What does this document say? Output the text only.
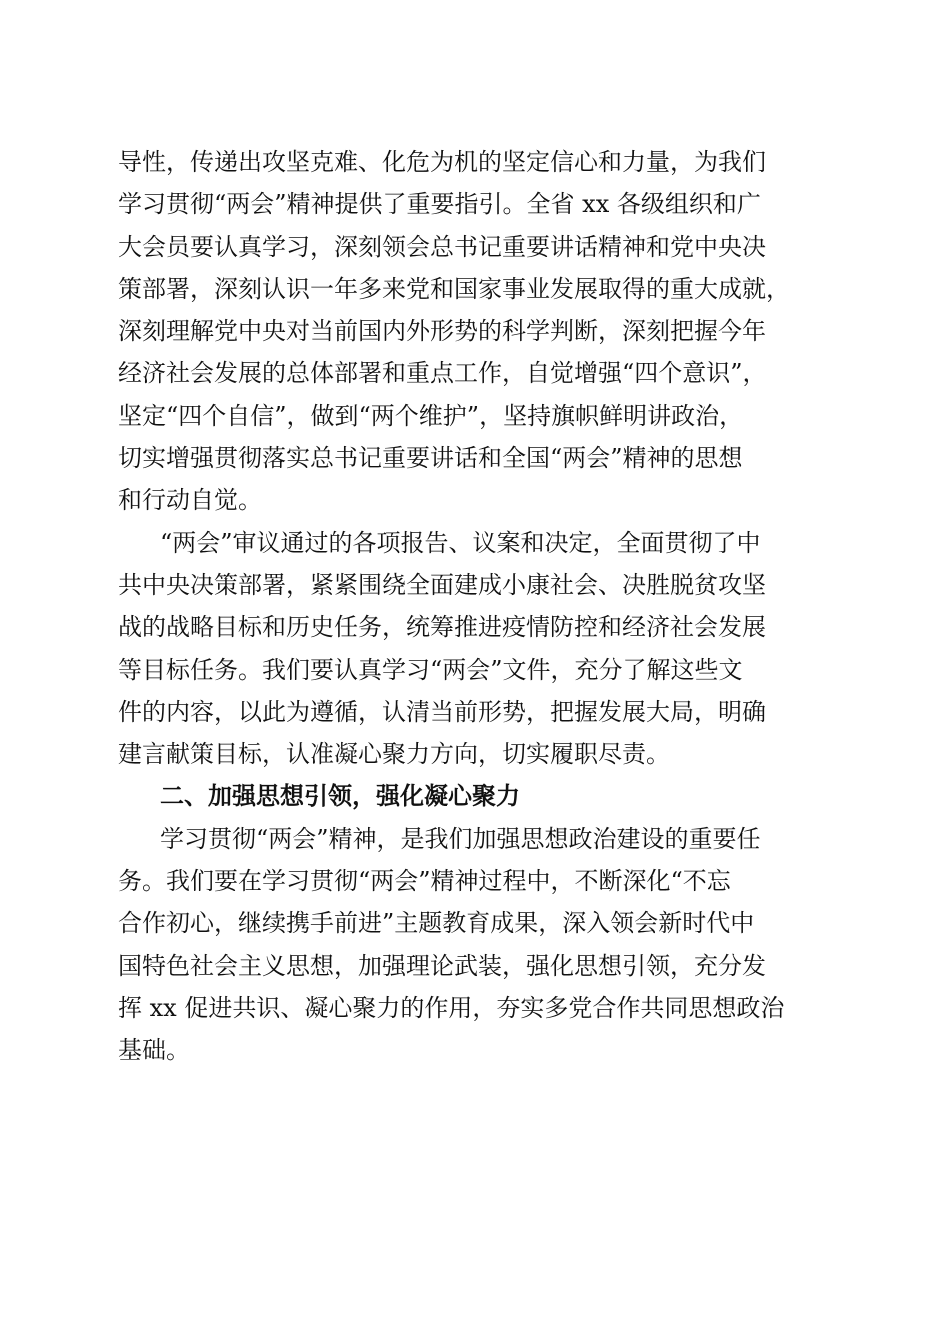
导性，传递出攻坚克难、化危为机的坚定信心和力量，为我们
学习贯彻“两会”精神提供了重要指引。全省 xx 各级组织和广
大会员要认真学习，深刻领会总书记重要讲话精神和党中央决
策部署，深刻认识一年多来党和国家事业发展取得的重大成就，
深刻理解党中央对当前国内外形势的科学判断，深刻把握今年
经济社会发展的总体部署和重点工作，自觉增强“四个意识”，
坚定“四个自信”，做到“两个维护”，坚持旗帜鲜明讲政治，
切实增强贯彻落实总书记重要讲话和全国“两会”精神的思想
和行动自觉。
“两会”审议通过的各项报告、议案和决定，全面贯彻了中
共中央决策部署，紧紧围绕全面建成小康社会、决胜脱贫攻坚
战的战略目标和历史任务，统筹推进疫情防控和经济社会发展
等目标任务。我们要认真学习“两会”文件，充分了解这些文
件的内容，以此为遵循，认清当前形势，把握发展大局，明确
建言献策目标，认准凝心聚力方向，切实履职尽责。
二、加强思想引领，强化凝心聚力
学习贯彻“两会”精神，是我们加强思想政治建设的重要任
务。我们要在学习贯彻“两会”精神过程中，不断深化“不忘
合作初心，继续携手前进”主题教育成果，深入领会新时代中
国特色社会主义思想，加强理论武装，强化思想引领，充分发
挥 xx 促进共识、凝心聚力的作用，夯实多党合作共同思想政治
基础。
